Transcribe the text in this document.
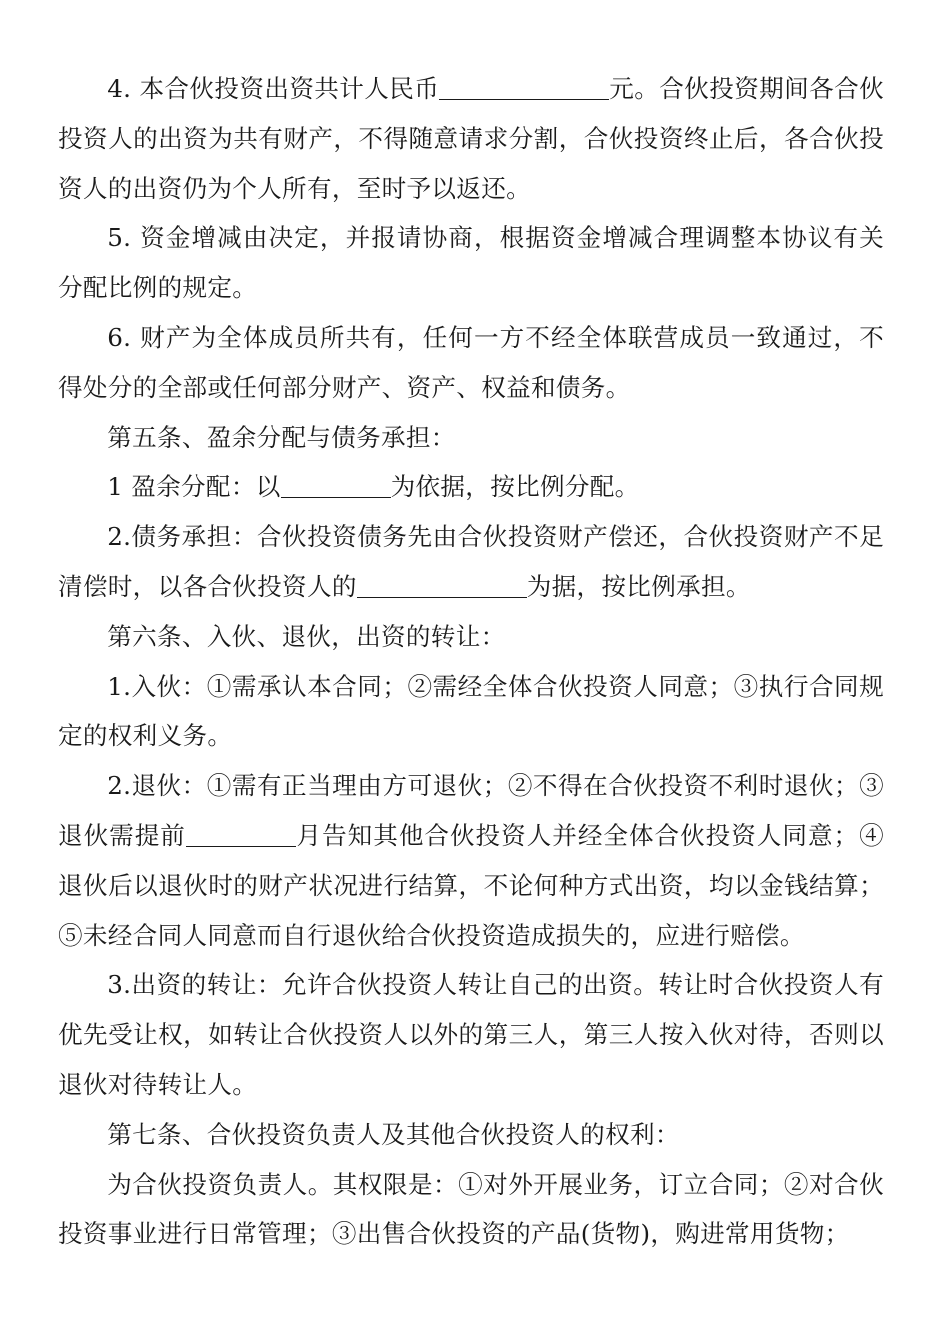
4. 本合伙投资出资共计人民币	元。合伙投资期间各合伙投资人的出资为共有财产，不得随意请求分割，合伙投资终止后，各合伙投资人的出资仍为个人所有，至时予以返还。

5. 资金增减由决定，并报请协商，根据资金增减合理调整本协议有关分配比例的规定。

6. 财产为全体成员所共有，任何一方不经全体联营成员一致通过，不得处分的全部或任何部分财产、资产、权益和债务。

第五条、盈余分配与债务承担：

1 盈余分配：以	为依据，按比例分配。

2.债务承担：合伙投资债务先由合伙投资财产偿还，合伙投资财产不足清偿时，以各合伙投资人的	为据，按比例承担。

第六条、入伙、退伙，出资的转让：

1.入伙：①需承认本合同；②需经全体合伙投资人同意；③执行合同规定的权利义务。

2.退伙：①需有正当理由方可退伙；②不得在合伙投资不利时退伙；③退伙需提前	月告知其他合伙投资人并经全体合伙投资人同意；④退伙后以退伙时的财产状况进行结算，不论何种方式出资，均以金钱结算；⑤未经合同人同意而自行退伙给合伙投资造成损失的，应进行赔偿。

3.出资的转让：允许合伙投资人转让自己的出资。转让时合伙投资人有优先受让权，如转让合伙投资人以外的第三人，第三人按入伙对待，否则以退伙对待转让人。

第七条、合伙投资负责人及其他合伙投资人的权利：

为合伙投资负责人。其权限是：①对外开展业务，订立合同；②对合伙投资事业进行日常管理；③出售合伙投资的产品(货物)，购进常用货物；
